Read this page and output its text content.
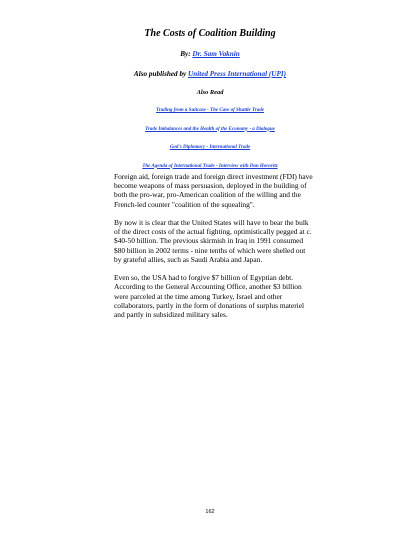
The Costs of Coalition Building
By: Dr. Sam Vaknin
Also published by United Press International (UPI)
Also Read
Trading from a Suitcase - The Case of Shuttle Trade
Trade Imbalances and the Health of the Economy - a Dialogue
God's Diplomacy - International Trade
The Agenda of International Trade - Interview with Dan Horovitz

Foreign aid, foreign trade and foreign direct investment (FDI) have become weapons of mass persuasion, deployed in the building of both the pro-war, pro-American coalition of the willing and the French-led counter "coalition of the squealing".

By now it is clear that the United States will have to bear the bulk of the direct costs of the actual fighting, optimistically pegged at c. $40-50 billion. The previous skirmish in Iraq in 1991 consumed $80 billion in 2002 terms - nine tenths of which were shelled out by grateful allies, such as Saudi Arabia and Japan.

Even so, the USA had to forgive $7 billion of Egyptian debt. According to the General Accounting Office, another $3 billion were parceled at the time among Turkey, Israel and other collaborators, partly in the form of donations of surplus materiel and partly in subsidized military sales.

162
